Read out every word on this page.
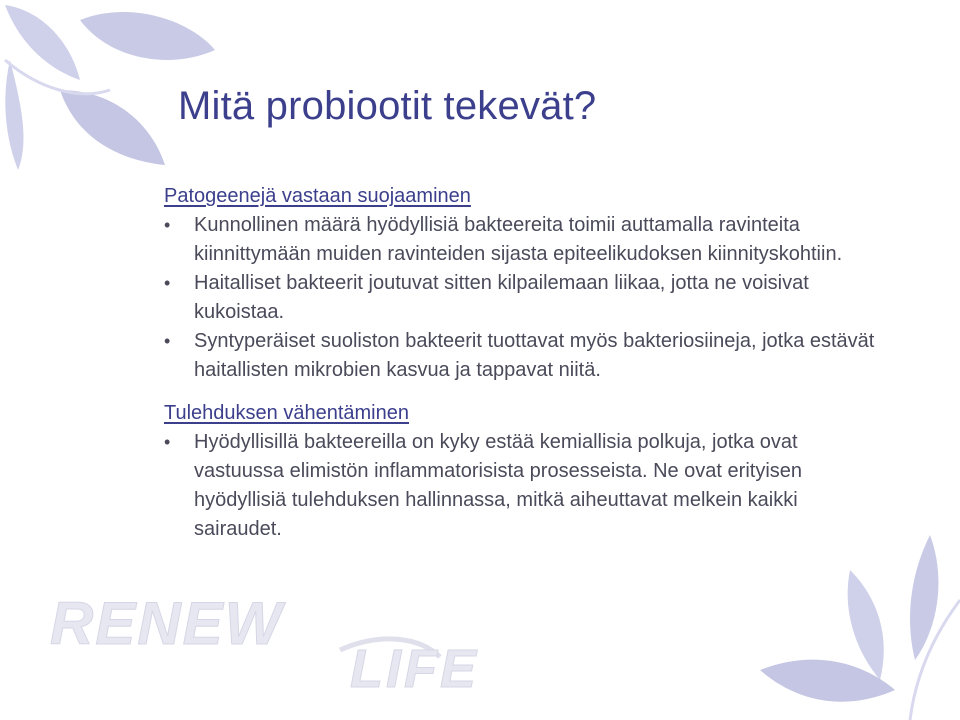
Mitä probiootit tekevät?

Patogeenejä vastaan suojaaminen

• Kunnollinen määrä hyödyllisiä bakteereita toimii auttamalla ravinteita kiinnittymään muiden ravinteiden sijasta epiteelikudoksen kiinnityskohtiin.
• Haitalliset bakteerit joutuvat sitten kilpailemaan liikaa, jotta ne voisivat kukoistaa.
• Syntyperäiset suoliston bakteerit tuottavat myös bakteriosiineja, jotka estävät haitallisten mikrobien kasvua ja tappavat niitä.

Tulehduksen vähentäminen

• Hyödyllisillä bakteereilla on kyky estää kemiallisia polkuja, jotka ovat vastuussa elimistön inflammatorisista prosesseista. Ne ovat erityisen hyödyllisiä tulehduksen hallinnassa, mitkä aiheuttavat melkein kaikki sairaudet.
RENEW
LIFE
